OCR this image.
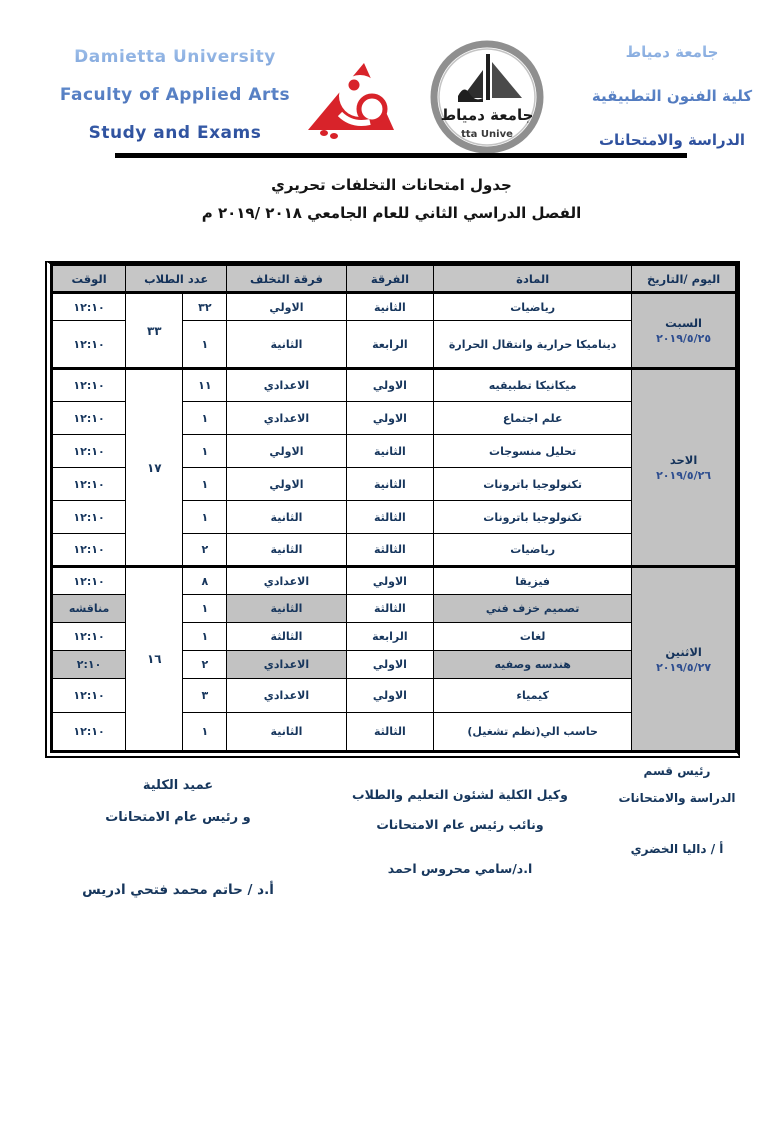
Damietta University
Faculty of Applied Arts
Study and Exams
جامعة دمياط
tta Unive
جامعة دمياط
كلية الفنون التطبيقية
الدراسة والامتحانات
جدول امتحانات التخلفات تحريري
الفصل الدراسي الثاني للعام الجامعي ٢٠١٨ /٢٠١٩ م
اليوم /التاريخ	المادة	الفرقة	فرقة التخلف	عدد الطلاب		الوقت

السبت
٢٠١٩/٥/٢٥	رياضيات	الثانية	الاولي	٣٢	٣٣	١٢:١٠
	ديناميكا حرارية وانتقال الحرارة	الرابعة	الثانية	١		١٢:١٠

الاحد
٢٠١٩/٥/٢٦	ميكانيكا تطبيقيه	الاولي	الاعدادي	١١	١٧	١٢:١٠
	علم اجتماع	الاولي	الاعدادي	١		١٢:١٠
	تحليل منسوجات	الثانية	الاولي	١		١٢:١٠
	تكنولوجيا باترونات	الثانية	الاولي	١		١٢:١٠
	تكنولوجيا باترونات	الثالثة	الثانية	١		١٢:١٠
	رياضيات	الثالثة	الثانية	٢		١٢:١٠

الاثنين
٢٠١٩/٥/٢٧	فيزيقا	الاولي	الاعدادي	٨	١٦	١٢:١٠
	تصميم خزف فني	الثالثة	الثانية	١		مناقشه
	لغات	الرابعة	الثالثة	١		١٢:١٠
	هندسه وصفيه	الاولي	الاعدادي	٢		٢:١٠
	كيمياء	الاولي	الاعدادي	٣		١٢:١٠
	حاسب الي(نظم تشغيل)	الثالثة	الثانية	١		١٢:١٠
رئيس قسم
الدراسة والامتحانات
أ / داليا الخضري
وكيل الكلية لشئون التعليم والطلاب
ونائب رئيس عام الامتحانات
ا.د/سامي محروس احمد
عميد الكلية
و رئيس عام الامتحانات
أ.د / حاتم محمد فتحي ادريس
